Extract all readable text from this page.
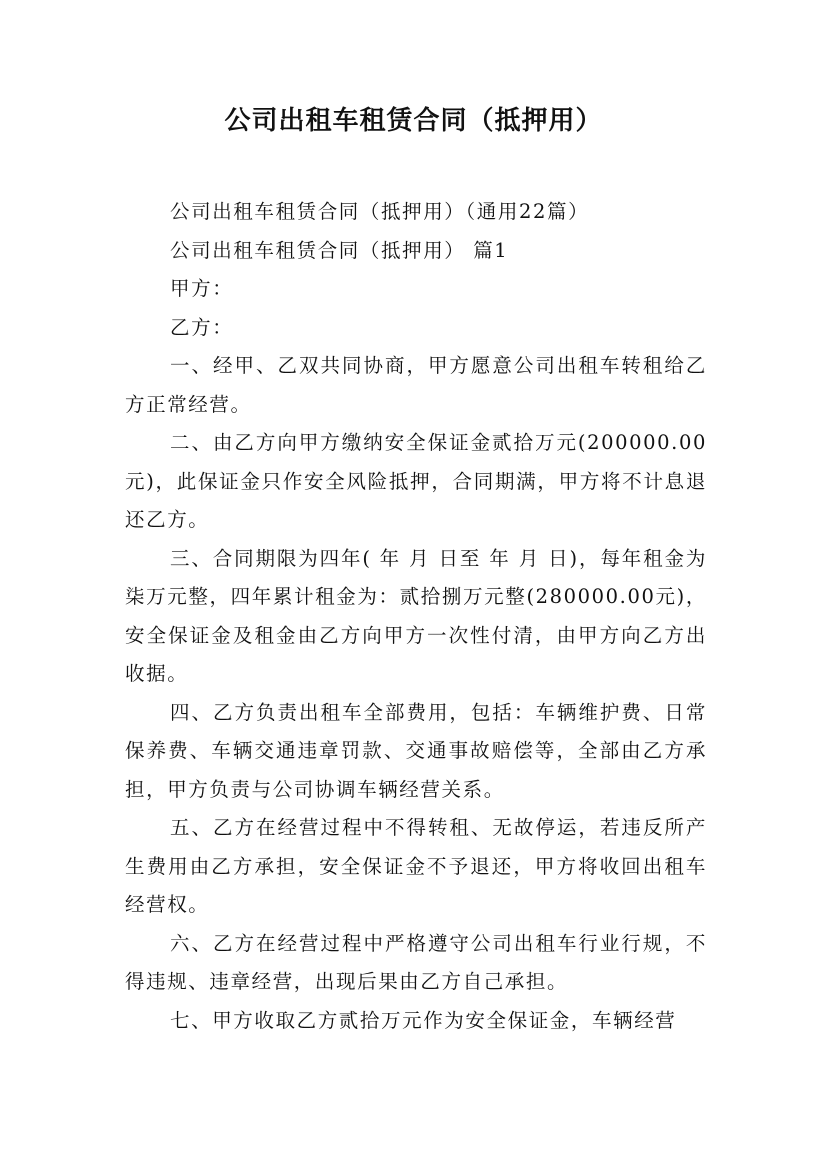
公司出租车租赁合同（抵押用）

公司出租车租赁合同（抵押用）（通用22篇）

公司出租车租赁合同（抵押用） 篇1

甲方：

乙方：

一、经甲、乙双共同协商，甲方愿意公司出租车转租给乙方正常经营。

二、由乙方向甲方缴纳安全保证金贰拾万元(200000.00元)，此保证金只作安全风险抵押，合同期满，甲方将不计息退还乙方。

三、合同期限为四年( 年 月 日至 年 月 日)，每年租金为柒万元整，四年累计租金为：贰拾捌万元整(280000.00元)，安全保证金及租金由乙方向甲方一次性付清，由甲方向乙方出收据。

四、乙方负责出租车全部费用，包括：车辆维护费、日常保养费、车辆交通违章罚款、交通事故赔偿等，全部由乙方承担，甲方负责与公司协调车辆经营关系。

五、乙方在经营过程中不得转租、无故停运，若违反所产生费用由乙方承担，安全保证金不予退还，甲方将收回出租车经营权。

六、乙方在经营过程中严格遵守公司出租车行业行规，不得违规、违章经营，出现后果由乙方自己承担。

七、甲方收取乙方贰拾万元作为安全保证金，车辆经营
